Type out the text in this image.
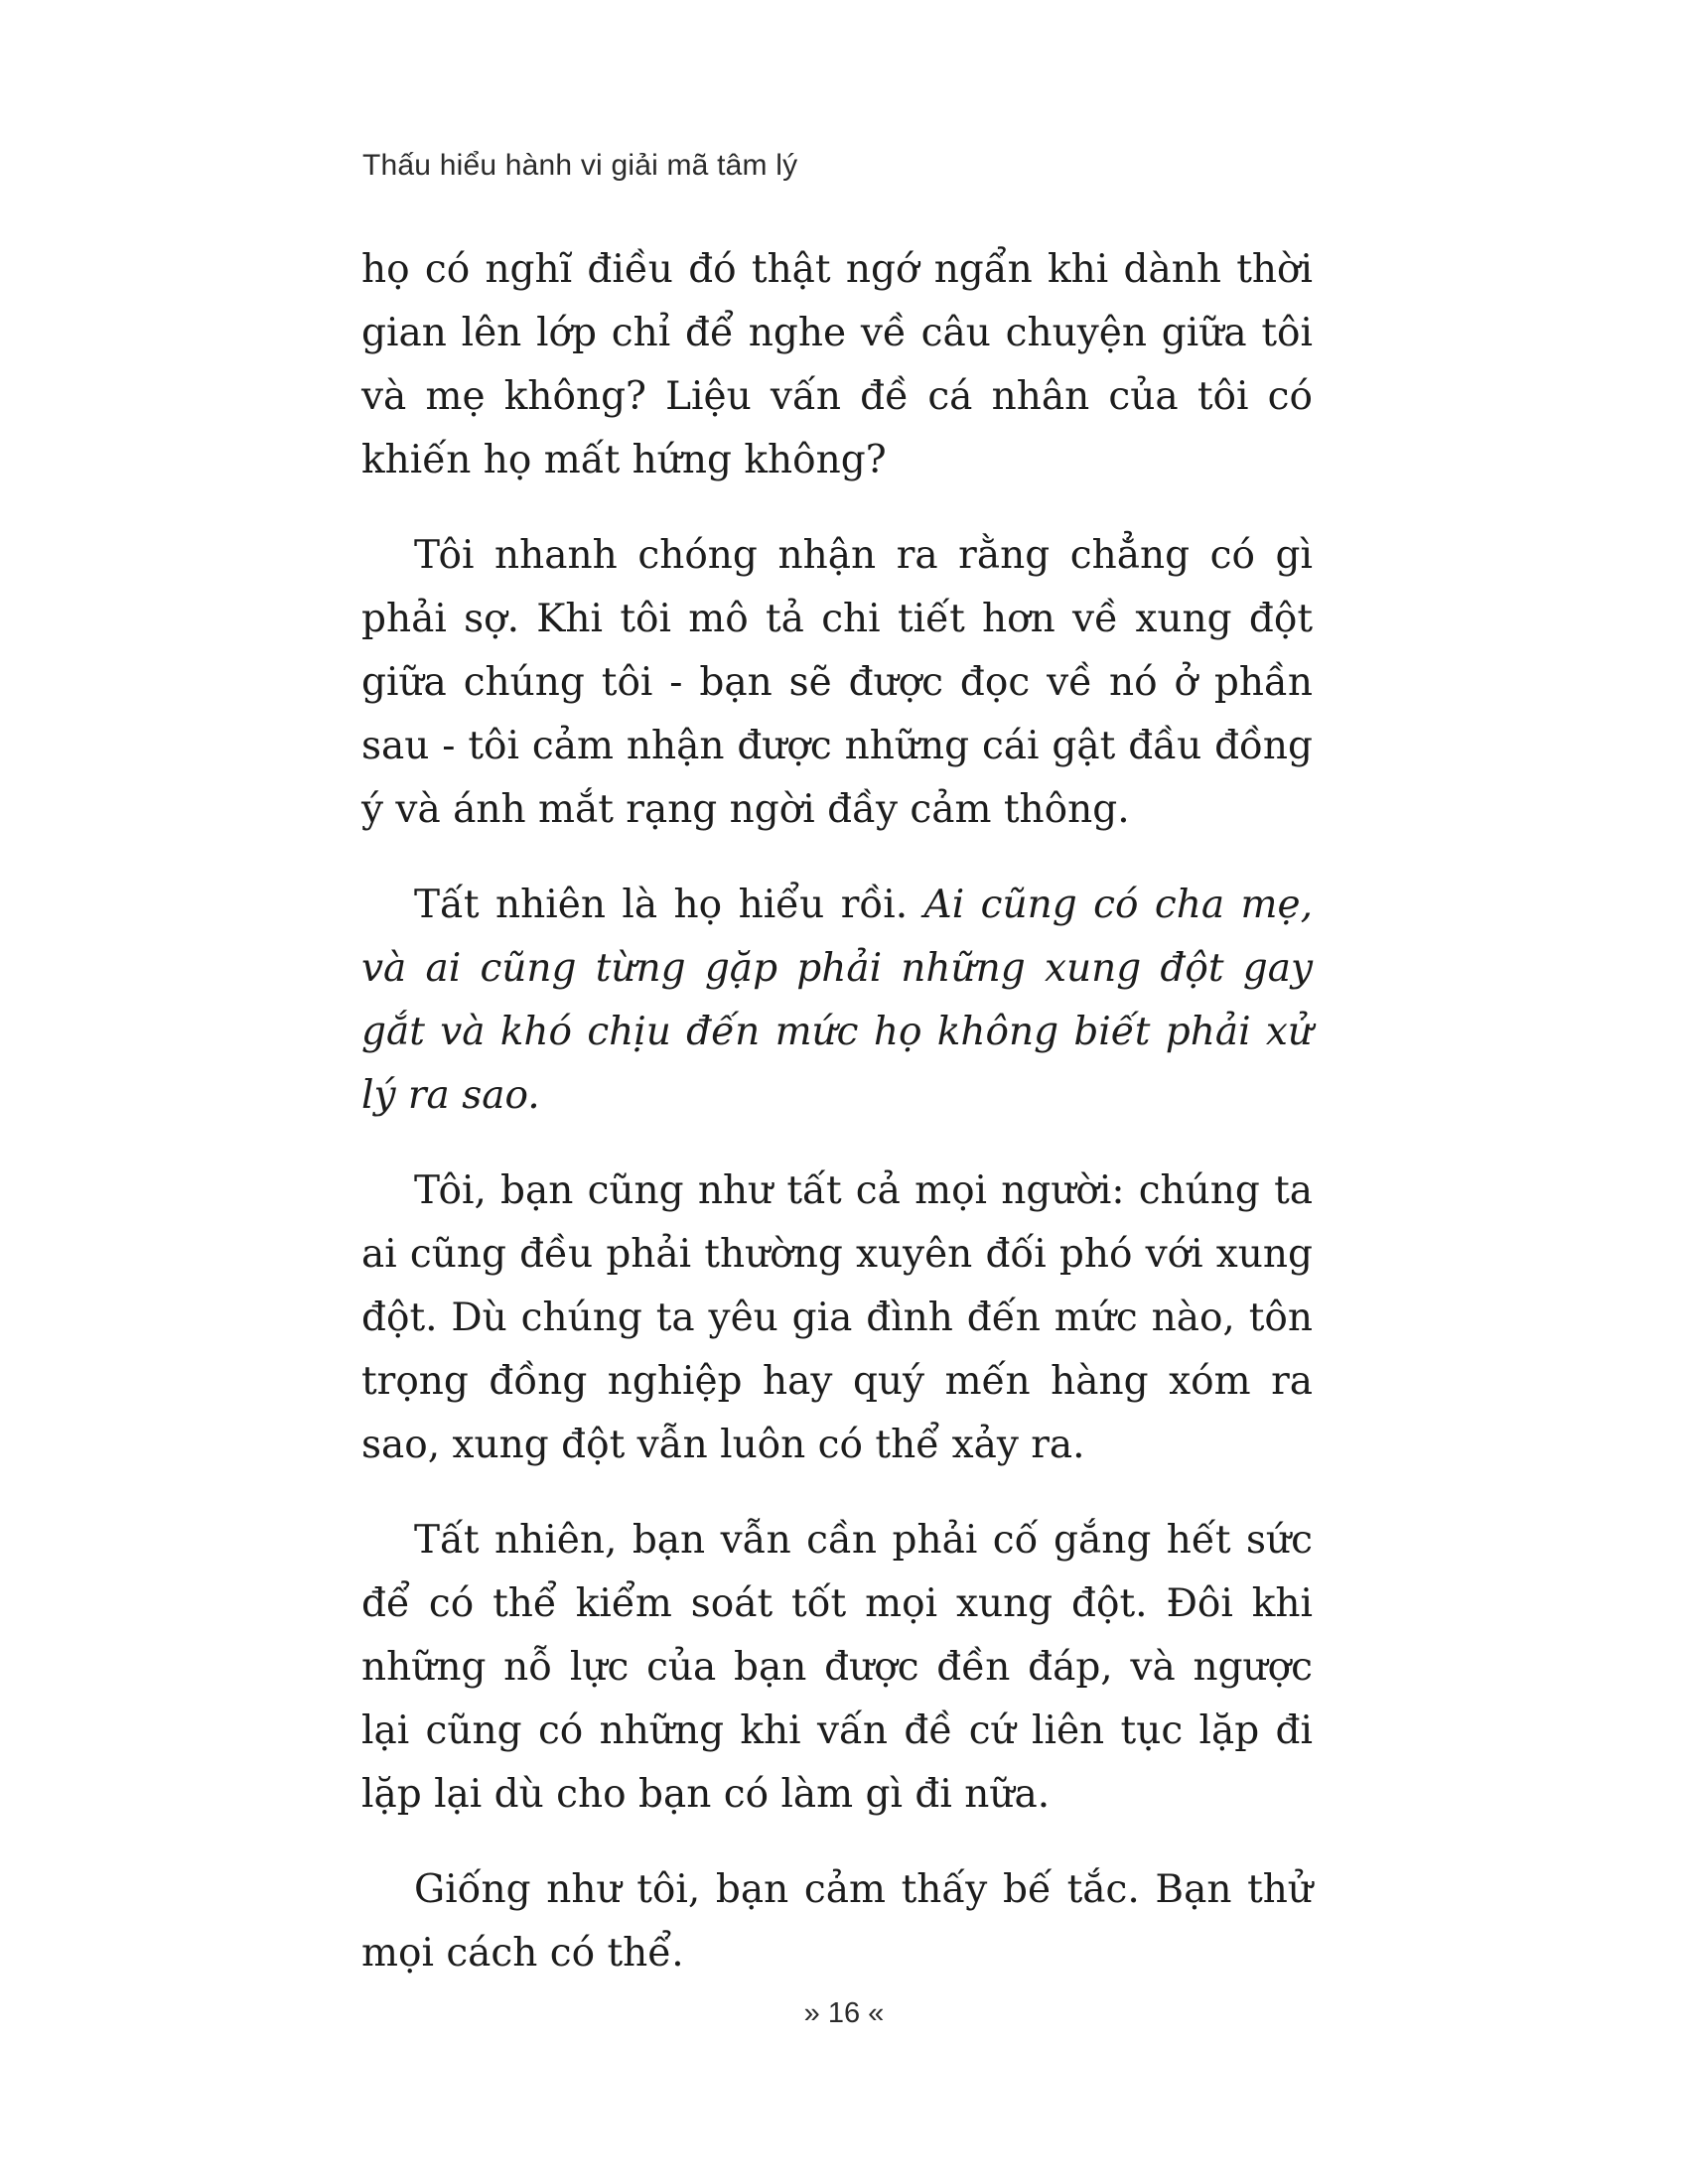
Thấu hiểu hành vi giải mã tâm lý

họ có nghĩ điều đó thật ngớ ngẩn khi dành thời gian lên lớp chỉ để nghe về câu chuyện giữa tôi và mẹ không? Liệu vấn đề cá nhân của tôi có khiến họ mất hứng không?

Tôi nhanh chóng nhận ra rằng chẳng có gì phải sợ. Khi tôi mô tả chi tiết hơn về xung đột giữa chúng tôi - bạn sẽ được đọc về nó ở phần sau - tôi cảm nhận được những cái gật đầu đồng ý và ánh mắt rạng ngời đầy cảm thông.

Tất nhiên là họ hiểu rồi. Ai cũng có cha mẹ, và ai cũng từng gặp phải những xung đột gay gắt và khó chịu đến mức họ không biết phải xử lý ra sao.

Tôi, bạn cũng như tất cả mọi người: chúng ta ai cũng đều phải thường xuyên đối phó với xung đột. Dù chúng ta yêu gia đình đến mức nào, tôn trọng đồng nghiệp hay quý mến hàng xóm ra sao, xung đột vẫn luôn có thể xảy ra.

Tất nhiên, bạn vẫn cần phải cố gắng hết sức để có thể kiểm soát tốt mọi xung đột. Đôi khi những nỗ lực của bạn được đền đáp, và ngược lại cũng có những khi vấn đề cứ liên tục lặp đi lặp lại dù cho bạn có làm gì đi nữa.

Giống như tôi, bạn cảm thấy bế tắc. Bạn thử mọi cách có thể.

» 16 «
